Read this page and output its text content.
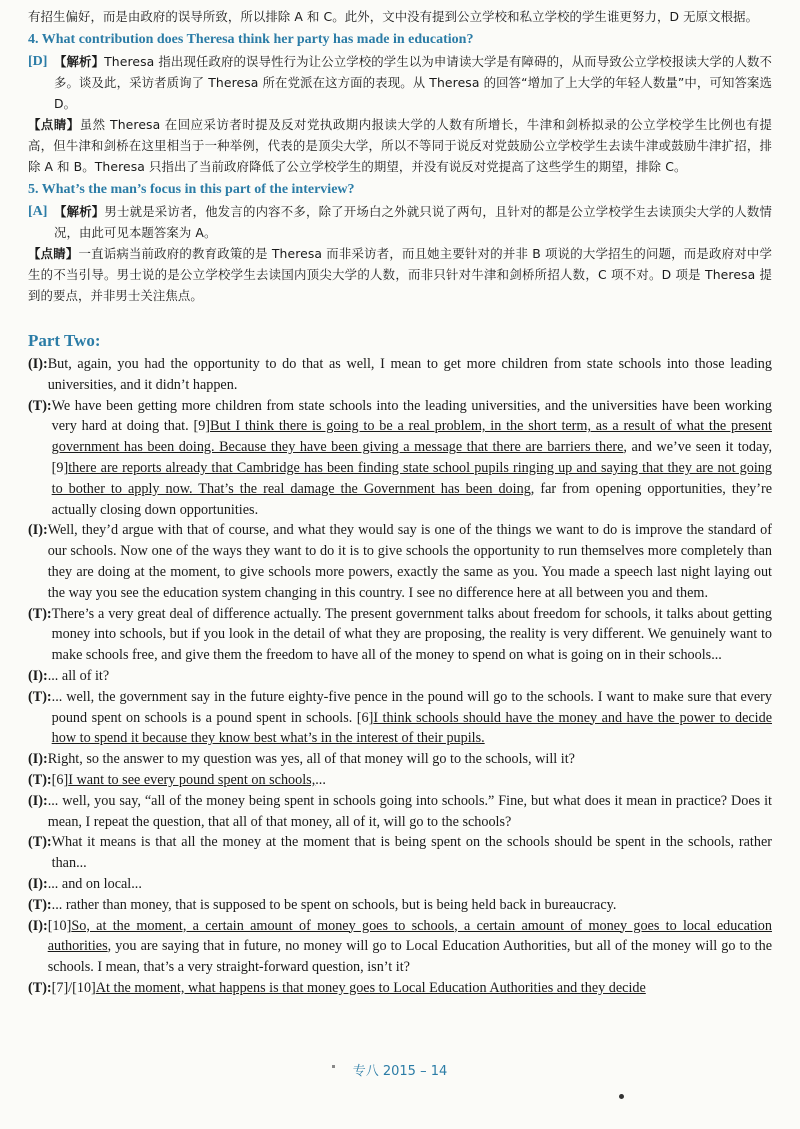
有招生偏好，而是由政府的误导所致，所以排除 A 和 C。此外，文中没有提到公立学校和私立学校的学生谁更努力，D 无原文根据。

4. What contribution does Theresa think her party has made in education?
[D] 【解析】Theresa 指出现任政府的误导性行为让公立学校的学生以为申请读大学是有障碍的，从而导致公立学校报读大学的人数不多。谈及此，采访者质询了 Theresa 所在党派在这方面的表现。从 Theresa 的回答“增加了上大学的年轻人数量”中，可知答案选 D。

【点睛】虽然 Theresa 在回应采访者时提及反对党执政期内报读大学的人数有所增长，牛津和剑桥拟录的公立学校学生比例也有提高，但牛津和剑桥在这里相当于一种举例，代表的是顶尖大学，所以不等同于说反对党鼓励公立学校学生去读牛津或鼓励牛津扩招，排除 A 和 B。Theresa 只指出了当前政府降低了公立学校学生的期望，并没有说反对党提高了这些学生的期望，排除 C。

5. What’s the man’s focus in this part of the interview?
[A] 【解析】男士就是采访者，他发言的内容不多，除了开场白之外就只说了两句，且针对的都是公立学校学生去读顶尖大学的人数情况，由此可见本题答案为 A。

【点睛】一直诟病当前政府的教育政策的是 Theresa 而非采访者，而且她主要针对的并非 B 项说的大学招生的问题，而是政府对中学生的不当引导。男士说的是公立学校学生去读国内顶尖大学的人数，而非只针对牛津和剑桥所招人数，C 项不对。D 项是 Theresa 提到的要点，并非男士关注焦点。

Part Two:
(I): But, again, you had the opportunity to do that as well, I mean to get more children from state schools into those leading universities, and it didn’t happen.
(T): We have been getting more children from state schools into the leading universities, and the universities have been working very hard at doing that. [9]But I think there is going to be a real problem, in the short term, as a result of what the present government has been doing. Because they have been giving a message that there are barriers there, and we’ve seen it today, [9]there are reports already that Cambridge has been finding state school pupils ringing up and saying that they are not going to bother to apply now. That’s the real damage the Government has been doing, far from opening opportunities, they’re actually closing down opportunities.
(I): Well, they’d argue with that of course, and what they would say is one of the things we want to do is improve the standard of our schools. Now one of the ways they want to do it is to give schools the opportunity to run themselves more completely than they are doing at the moment, to give schools more powers, exactly the same as you. You made a speech last night laying out the way you see the education system changing in this country. I see no difference here at all between you and them.
(T): There’s a very great deal of difference actually. The present government talks about freedom for schools, it talks about getting money into schools, but if you look in the detail of what they are proposing, the reality is very different. We genuinely want to make schools free, and give them the freedom to have all of the money to spend on what is going on in their schools...
(I): ... all of it?
(T): ... well, the government say in the future eighty-five pence in the pound will go to the schools. I want to make sure that every pound spent on schools is a pound spent in schools. [6]I think schools should have the money and have the power to decide how to spend it because they know best what’s in the interest of their pupils.
(I): Right, so the answer to my question was yes, all of that money will go to the schools, will it?
(T): [6]I want to see every pound spent on schools,...
(I): ... well, you say, “all of the money being spent in schools going into schools.” Fine, but what does it mean in practice? Does it mean, I repeat the question, that all of that money, all of it, will go to the schools?
(T): What it means is that all the money at the moment that is being spent on the schools should be spent in the schools, rather than...
(I): ... and on local...
(T): ... rather than money, that is supposed to be spent on schools, but is being held back in bureaucracy.
(I): [10]So, at the moment, a certain amount of money goes to schools, a certain amount of money goes to local education authorities, you are saying that in future, no money will go to Local Education Authorities, but all of the money will go to the schools. I mean, that’s a very straight-forward question, isn’t it?
(T): [7]/[10]At the moment, what happens is that money goes to Local Education Authorities and they decide
专八 2015 – 14
